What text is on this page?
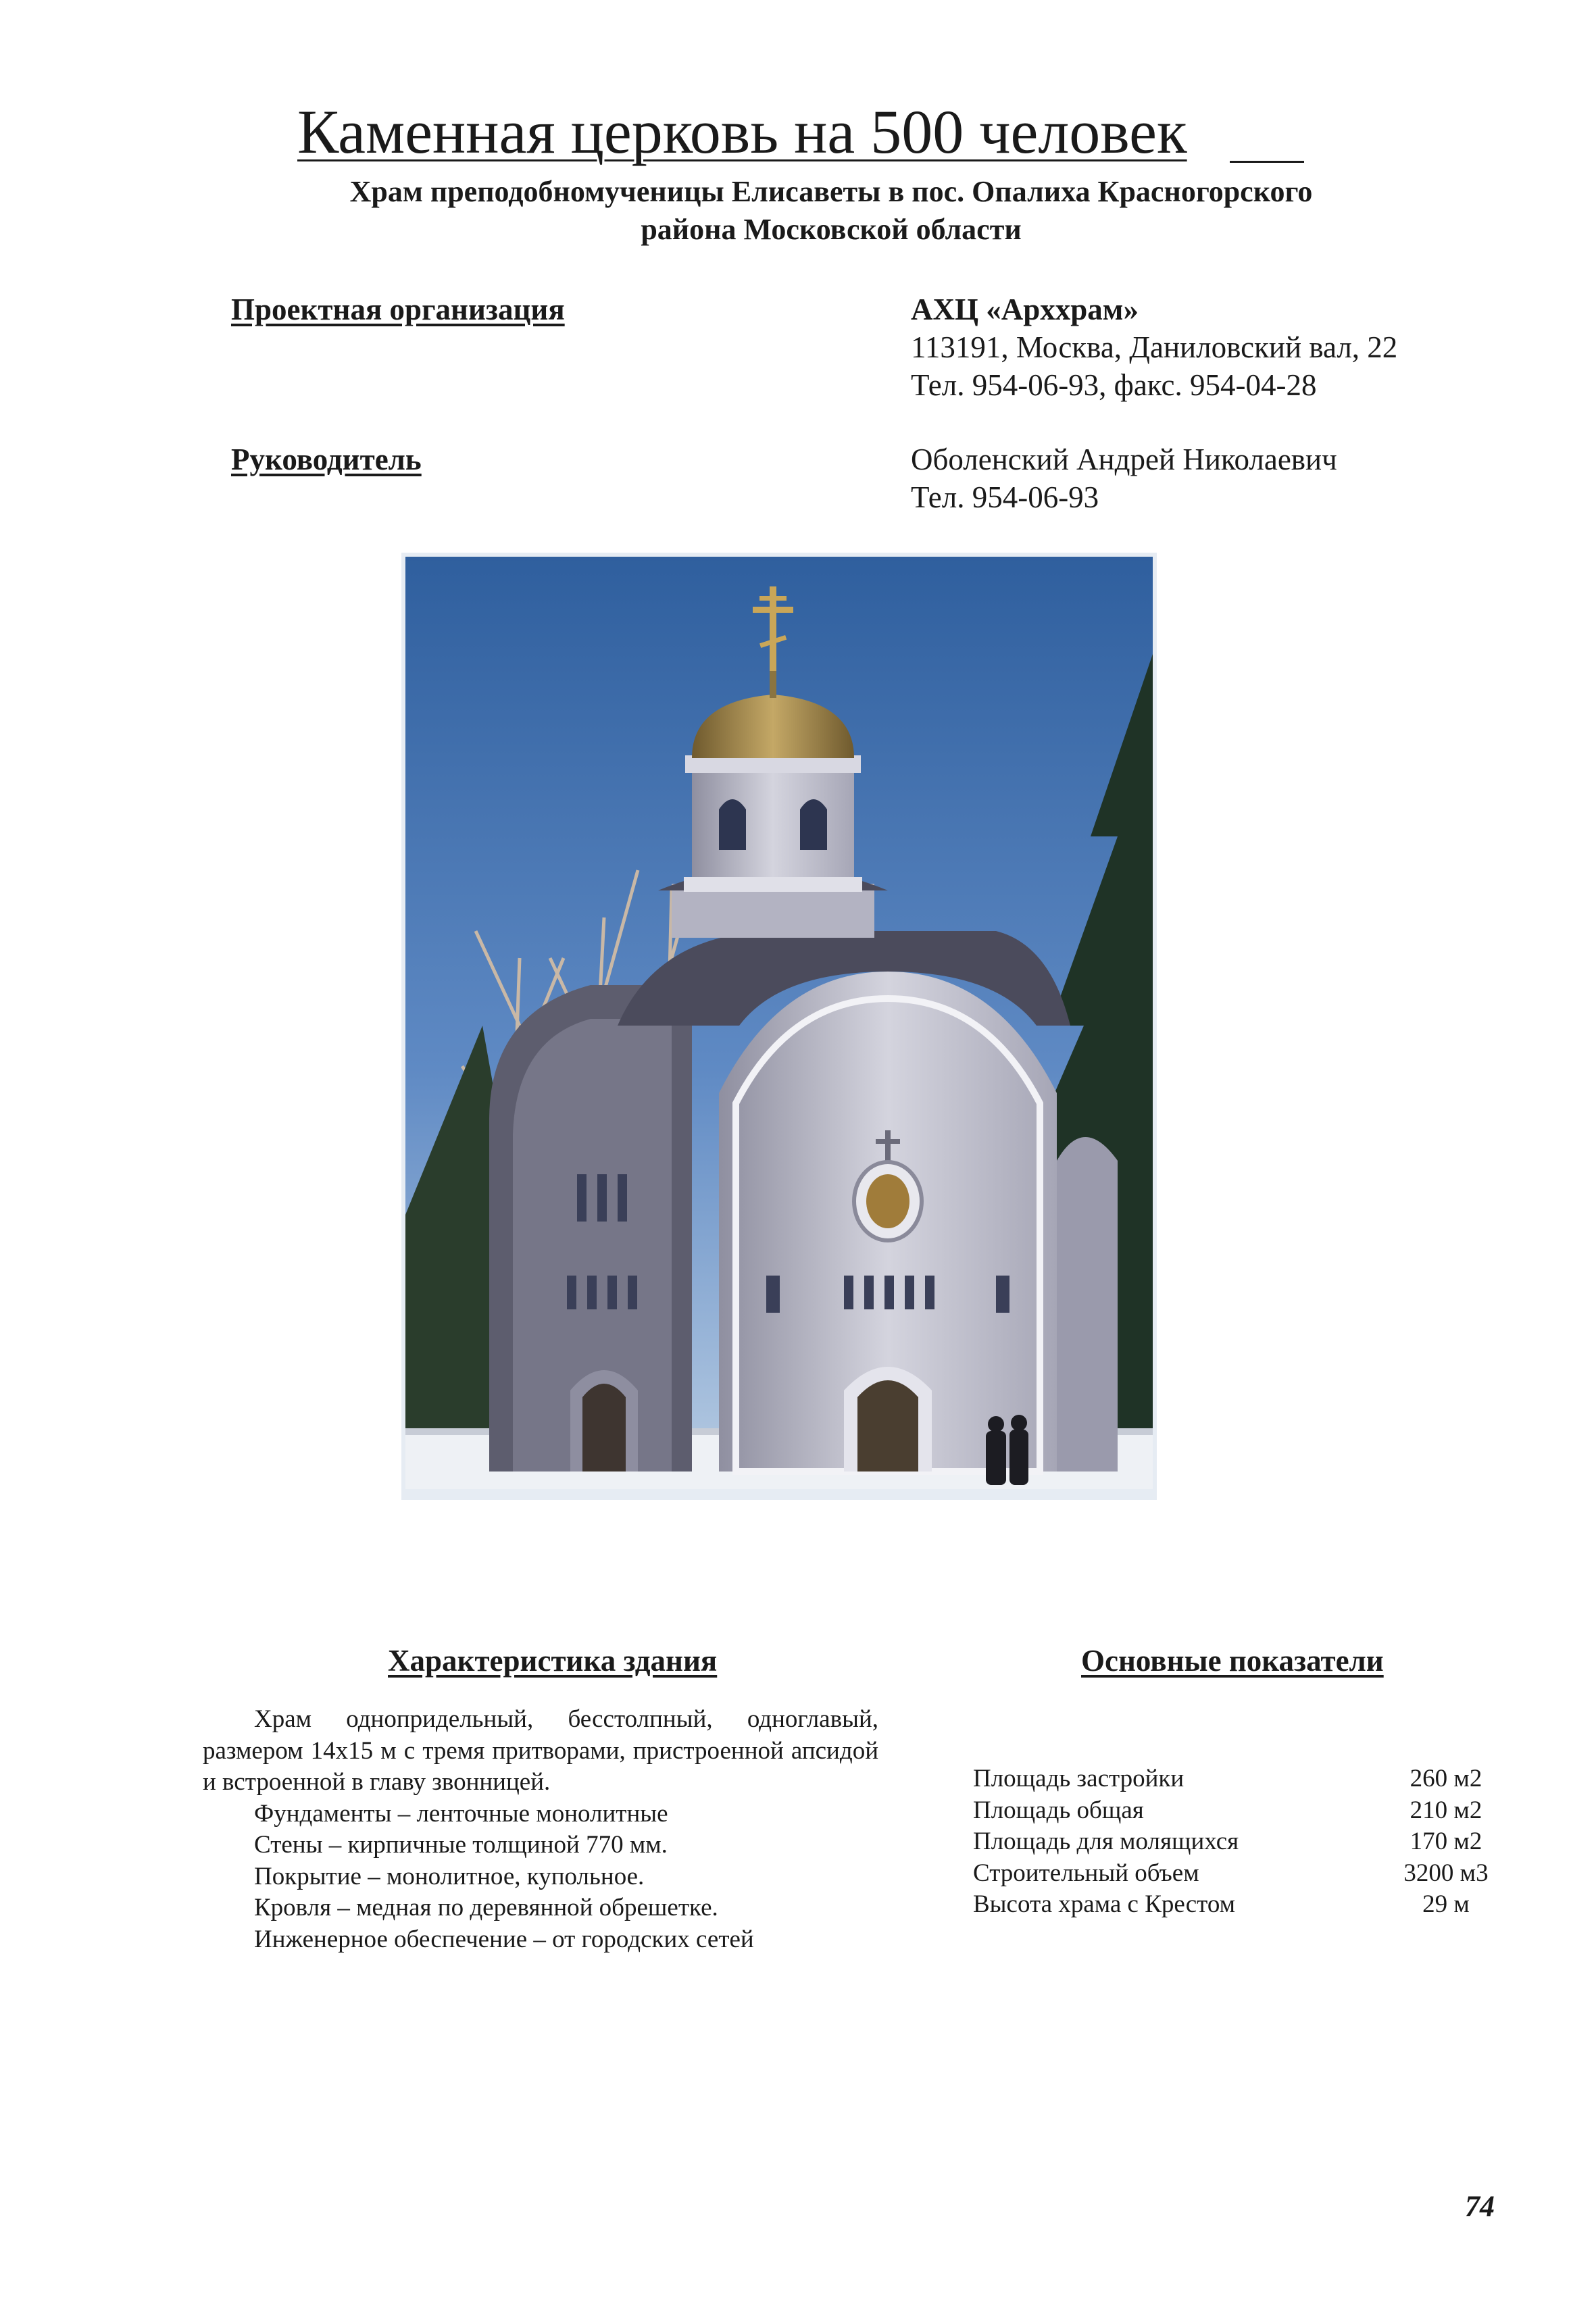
Каменная церковь на 500 человек
Храм преподобномученицы Елисаветы в пос. Опалиха Красногорского
района Московской области
Проектная организация	АХЦ «Архxрам»
113191, Москва, Даниловский вал, 22
Тел. 954-06-93, факс. 954-04-28
Руководитель	Оболенский Андрей Николаевич
Тел. 954-06-93
Характеристика здания

Храм однопридельный, бесстолпный, одноглавый, размером 14х15 м с тремя притворами, пристроенной апсидой и встроенной в главу звонницей.

Фундаменты – ленточные монолитные

Стены – кирпичные толщиной 770 мм.

Покрытие – монолитное, купольное.

Кровля – медная по деревянной обрешетке.

Инженерное обеспечение – от городских сетей

Основные показатели
Площадь застройки	260 м2
Площадь общая	210 м2
Площадь для молящихся	170 м2
Строительный объем	3200 м3
Высота храма с Крестом	29 м
74
